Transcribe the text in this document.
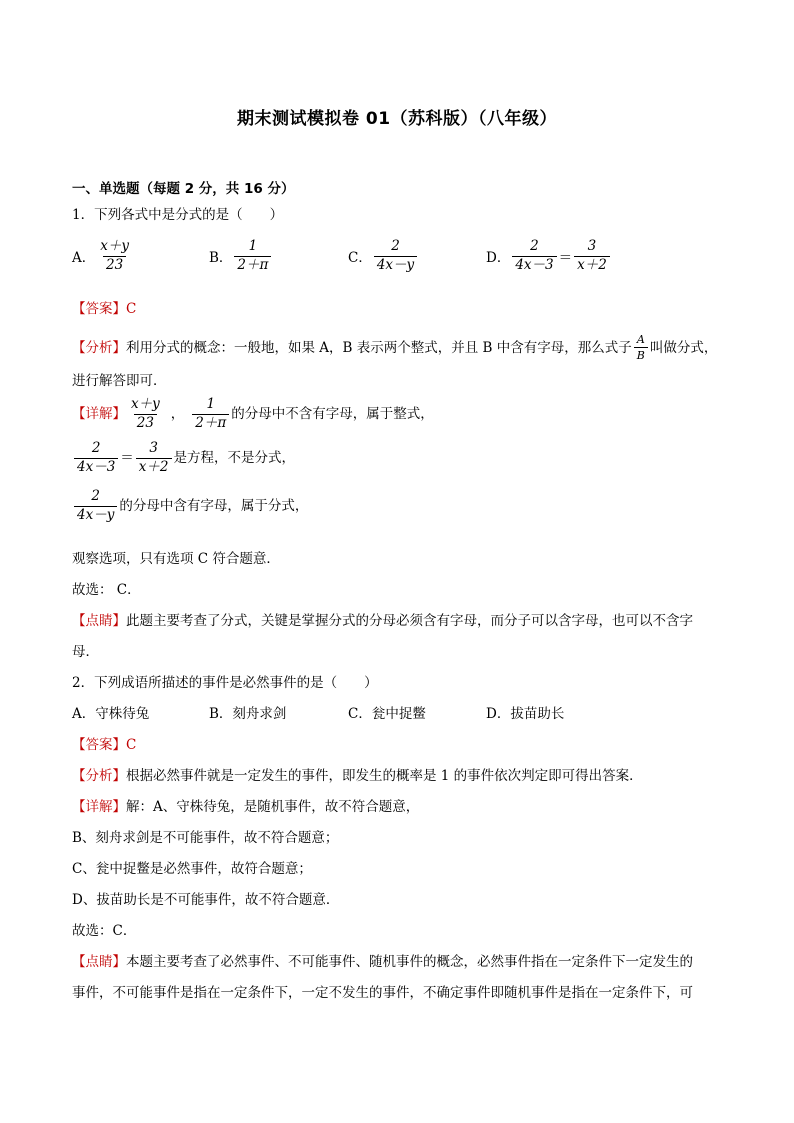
期末测试模拟卷 01（苏科版）（八年级）
一、单选题（每题 2 分，共 16 分）
1．下列各式中是分式的是（　　）
A． $\frac{x+y}{23}$	B． $\frac{1}{2+\pi}$	C． $\frac{2}{4x-y}$	D． $\frac{2}{4x-3} = \frac{3}{x+2}$
【答案】C
【分析】 利用分式的概念：一般地，如果 A，B 表示两个整式，并且 B 中含有字母，那么式子 $\frac{A}{B}$ 叫做分式，
进行解答即可．
【详解】 $\frac{x+y}{23}$ ， $\frac{1}{2+\pi}$ 的分母中不含有字母，属于整式，
$\frac{2}{4x-3} = \frac{3}{x+2}$ 是方程，不是分式，
$\frac{2}{4x-y}$ 的分母中含有字母，属于分式，
观察选项，只有选项 C 符合题意．
故选： C．
【点睛】此题主要考查了分式，关键是掌握分式的分母必须含有字母，而分子可以含字母，也可以不含字
母．
2．下列成语所描述的事件是必然事件的是（　　）
A．守株待兔	B．刻舟求剑	C．瓮中捉鳖	D．拔苗助长
【答案】C
【分析】根据必然事件就是一定发生的事件，即发生的概率是 1 的事件依次判定即可得出答案．
【详解】解：A、守株待兔，是随机事件，故不符合题意，
B、刻舟求剑是不可能事件，故不符合题意；
C、瓮中捉鳖是必然事件，故符合题意；
D、拔苗助长是不可能事件，故不符合题意．
故选：C．
【点睛】本题主要考查了必然事件、不可能事件、随机事件的概念，必然事件指在一定条件下一定发生的
事件，不可能事件是指在一定条件下，一定不发生的事件，不确定事件即随机事件是指在一定条件下，可
